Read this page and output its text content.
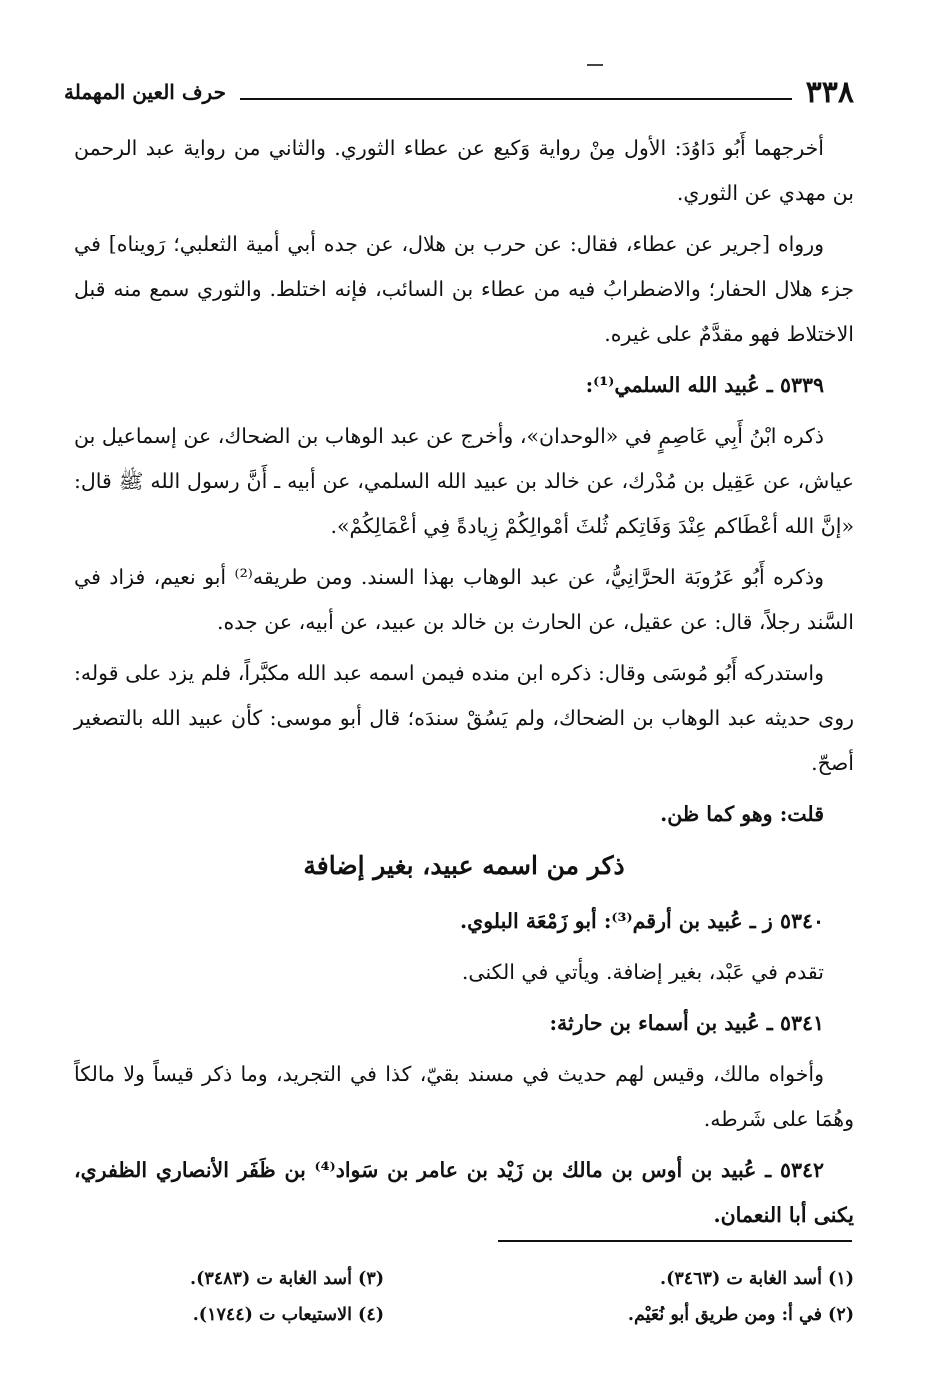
٣٣٨
حرف العين المهملة

أخرجهما أَبُو دَاوُدَ: الأول مِنْ رواية وَكيع عن عطاء الثوري. والثاني من رواية عبد الرحمن بن مهدي عن الثوري.

ورواه [جرير عن عطاء، فقال: عن حرب بن هلال، عن جده أبي أمية الثعلبي؛ رَويناه] في جزء هلال الحفار؛ والاضطرابُ فيه من عطاء بن السائب، فإنه اختلط. والثوري سمع منه قبل الاختلاط فهو مقدَّمٌ على غيره.

٥٣٣٩ ـ عُبيد الله السلمي⁽¹⁾:

ذكره ابْنُ أَبِي عَاصِمٍ في «الوحدان»، وأخرج عن عبد الوهاب بن الضحاك، عن إسماعيل بن عياش، عن عَقِيل بن مُدْرك، عن خالد بن عبيد الله السلمي، عن أبيه ـ أَنَّ رسول الله ﷺ قال: «إنَّ الله أعْطَاكم عِنْدَ وَفَاتِكم ثُلثَ أمْوالِكُمْ زِيادةً فِي أعْمَالِكُمْ».

وذكره أَبُو عَرُوبَة الحرَّانِيُّ، عن عبد الوهاب بهذا السند. ومن طريقه⁽²⁾ أبو نعيم، فزاد في السَّند رجلاً، قال: عن عقيل، عن الحارث بن خالد بن عبيد، عن أبيه، عن جده.

واستدركه أَبُو مُوسَى وقال: ذكره ابن منده فيمن اسمه عبد الله مكبَّراً، فلم يزد على قوله: روى حديثه عبد الوهاب بن الضحاك، ولم يَسُقْ سندَه؛ قال أبو موسى: كأن عبيد الله بالتصغير أصحّ.

قلت: وهو كما ظن.

ذكر من اسمه عبيد، بغير إضافة

٥٣٤٠ ز ـ عُبيد بن أرقم⁽³⁾: أبو زَمْعَة البلوي.

تقدم في عَبْد، بغير إضافة. ويأتي في الكنى.

٥٣٤١ ـ عُبيد بن أسماء بن حارثة:

وأخواه مالك، وقيس لهم حديث في مسند بقيّ، كذا في التجريد، وما ذكر قيساً ولا مالكاً وهُمَا على شَرطه.

٥٣٤٢ ـ عُبيد بن أوس بن مالك بن زَيْد بن عامر بن سَواد⁽⁴⁾ بن ظَفَر الأنصاري الظفري، يكنى أبا النعمان.

(١) أسد الغابة ت (٣٤٦٣).
(٢) في أ: ومن طريق أبو نُعَيْم.
(٣) أسد الغابة ت (٣٤٨٣).
(٤) الاستيعاب ت (١٧٤٤).
